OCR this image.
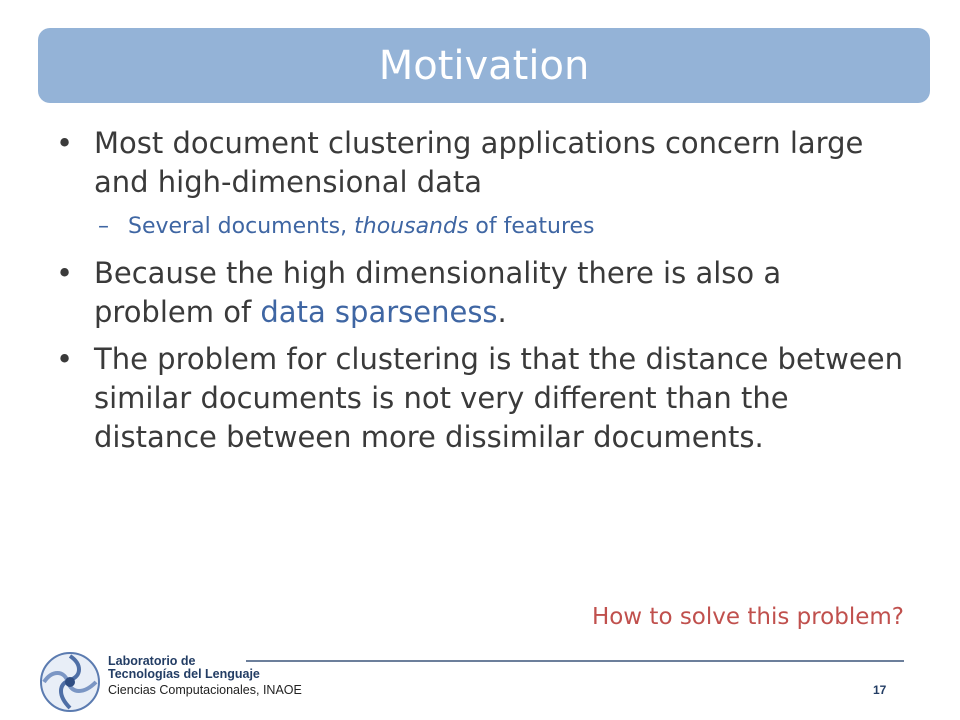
Motivation
• Most document clustering applications concern large and high-dimensional data
– Several documents, thousands of features
• Because the high dimensionality there is also a problem of data sparseness.
• The problem for clustering is that the distance between similar documents is not very different than the distance between more dissimilar documents.
How to solve this problem?
Laboratorio de
Tecnologías del Lenguaje
Ciencias Computacionales, INAOE	17
